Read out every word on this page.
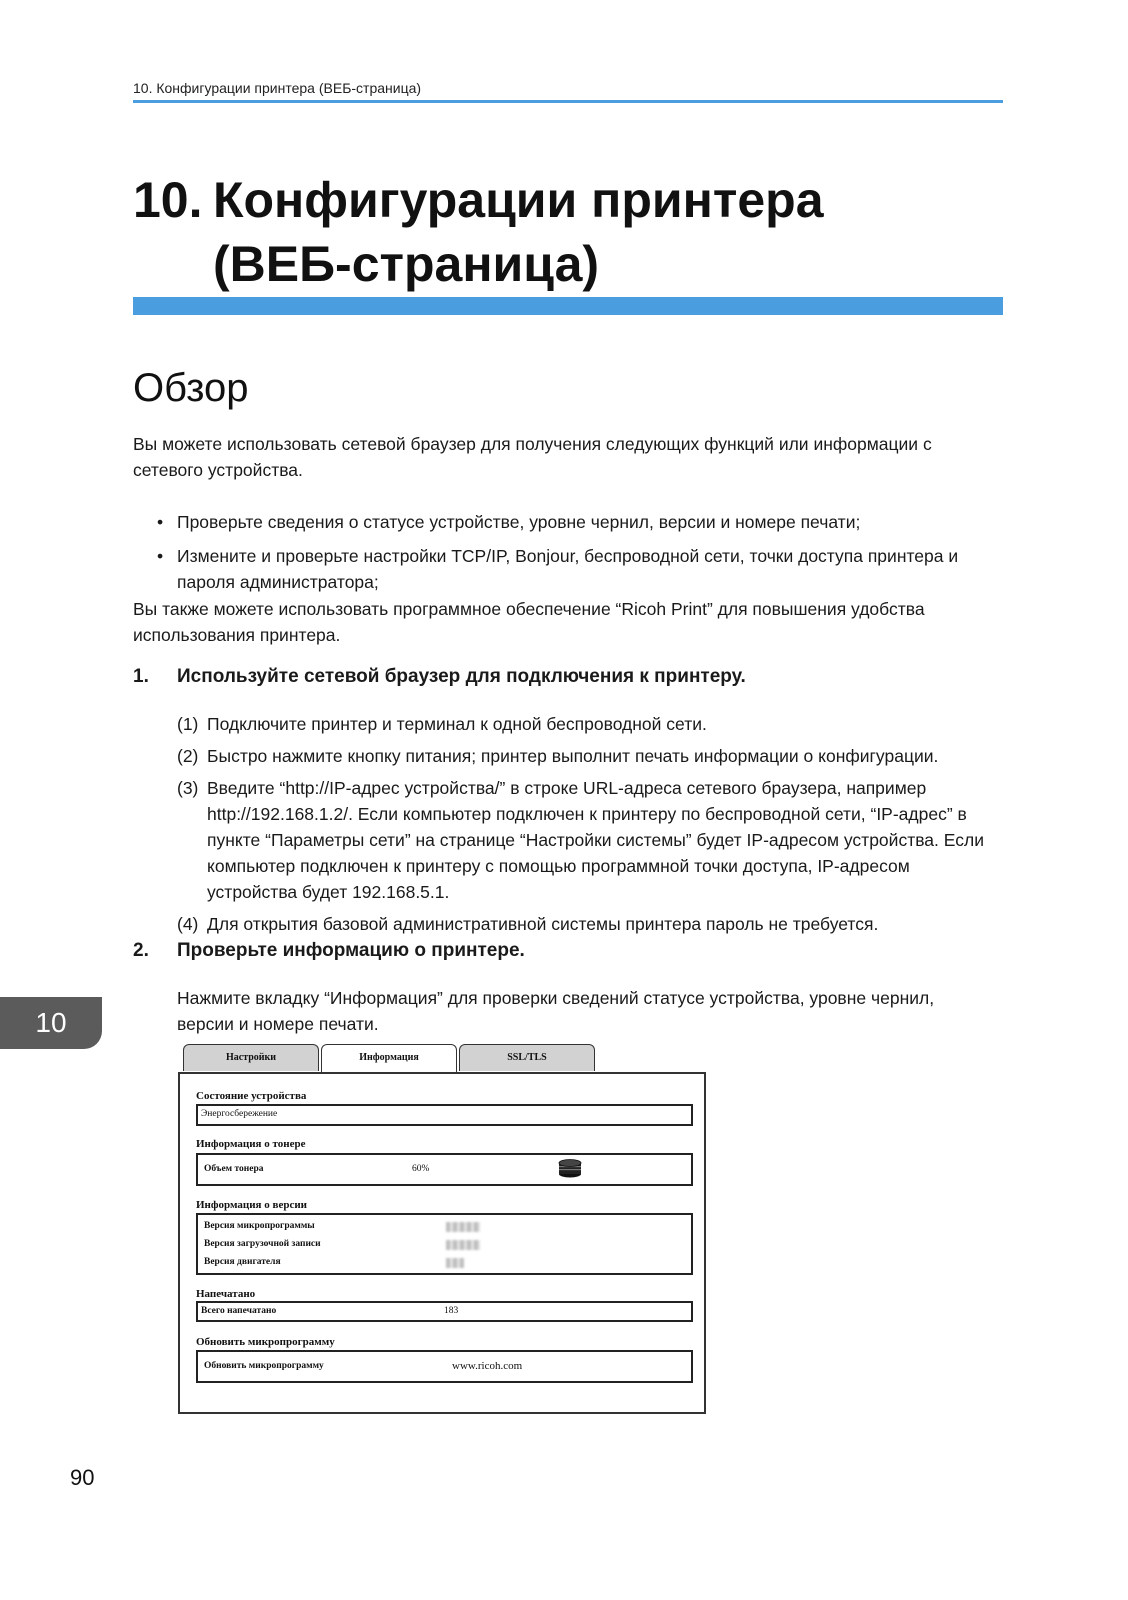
10. Конфигурации принтера (ВЕБ-страница)
10. Конфигурации принтера
(ВЕБ-страница)
Обзор

Вы можете использовать сетевой браузер для получения следующих функций или информации с сетевого устройства.

• Проверьте сведения о статусе устройстве, уровне чернил, версии и номере печати;
• Измените и проверьте настройки TCP/IP, Bonjour, беспроводной сети, точки доступа принтера и пароля администратора;

Вы также можете использовать программное обеспечение “Ricoh Print” для повышения удобства использования принтера.

1. Используйте сетевой браузер для подключения к принтеру.
(1) Подключите принтер и терминал к одной беспроводной сети.
(2) Быстро нажмите кнопку питания; принтер выполнит печать информации о конфигурации.
(3) Введите “http://IP-адрес устройства/” в строке URL-адреса сетевого браузера, например http://192.168.1.2/. Если компьютер подключен к принтеру по беспроводной сети, “IP-адрес” в пункте “Параметры сети” на странице “Настройки системы” будет IP-адресом устройства. Если компьютер подключен к принтеру с помощью программной точки доступа, IP-адресом устройства будет 192.168.5.1.
(4) Для открытия базовой административной системы принтера пароль не требуется.
2. Проверьте информацию о принтере.

Нажмите вкладку “Информация” для проверки сведений статусе устройства, уровне чернил, версии и номере печати.

10
Настройки	Информация	SSL/TLS
Состояние устройства
Энергосбережение
Информация о тонере
Объем тонера	60%
Информация о версии
Версия микропрограммы
Версия загрузочной записи
Версия двигателя
Напечатано
Всего напечатано	183
Обновить микропрограмму
Обновить микропрограмму	www.ricoh.com
90
